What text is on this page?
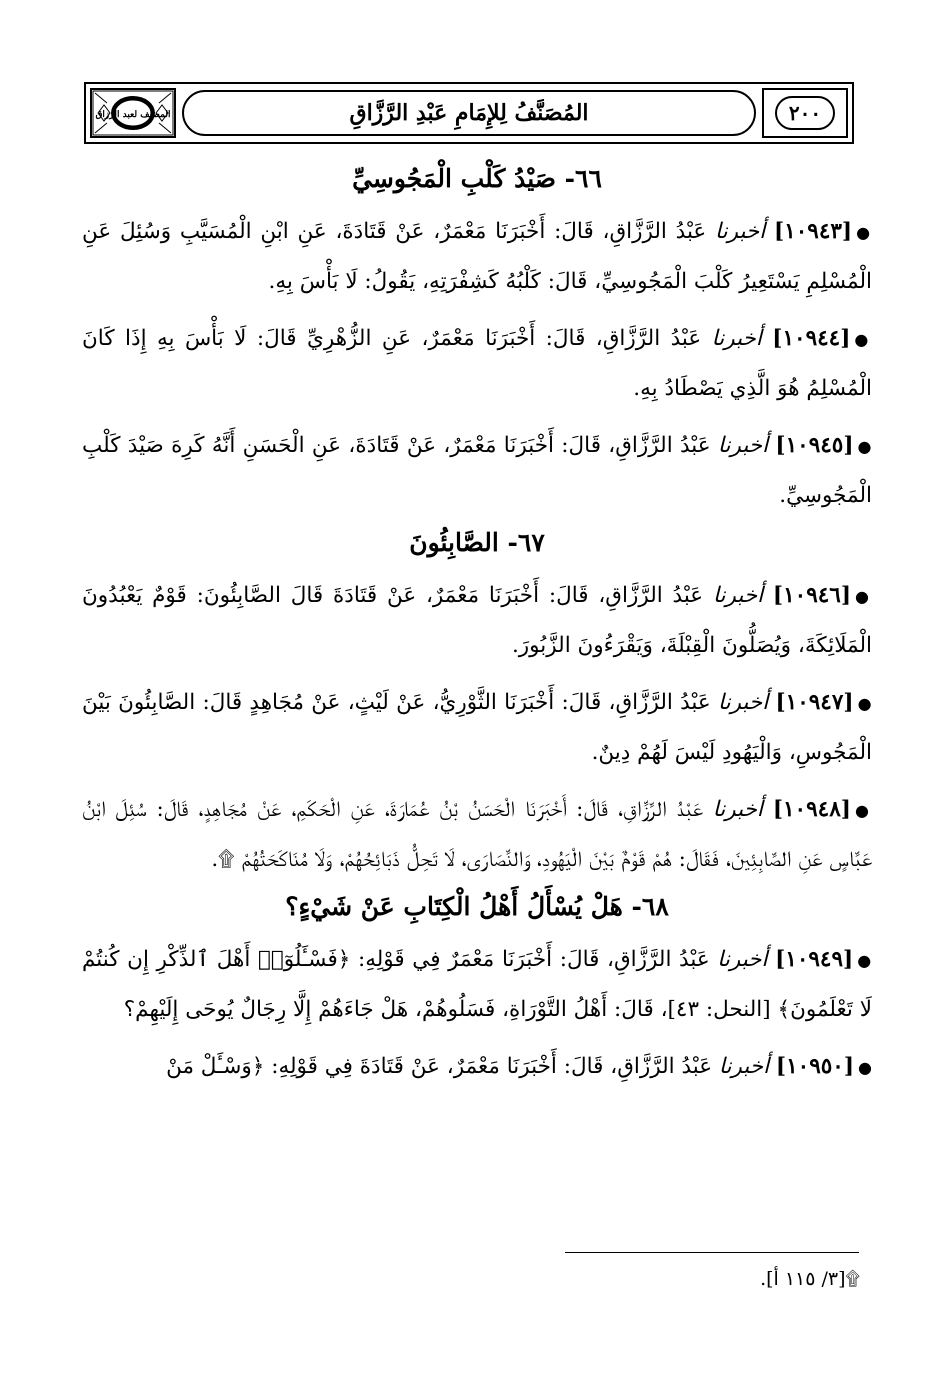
المصنف لعبد الرزاق	المُصَنَّفُ لِلإِمَامِ عَبْدِ الرَّزَّاقِ	٢٠٠
٦٦- صَيْدُ كَلْبِ الْمَجُوسِيِّ

●[١٠٩٤٣] أخبرنا عَبْدُ الرَّزَّاقِ، قَالَ: أَخْبَرَنَا مَعْمَرٌ، عَنْ قَتَادَةَ، عَنِ ابْنِ الْمُسَيَّبِ وَسُئِلَ عَنِ الْمُسْلِمِ يَسْتَعِيرُ كَلْبَ الْمَجُوسِيِّ، قَالَ: كَلْبُهُ كَشِفْرَتِهِ، يَقُولُ: لَا بَأْسَ بِهِ.

●[١٠٩٤٤] أخبرنا عَبْدُ الرَّزَّاقِ، قَالَ: أَخْبَرَنَا مَعْمَرٌ، عَنِ الزُّهْرِيِّ قَالَ: لَا بَأْسَ بِهِ إِذَا كَانَ الْمُسْلِمُ هُوَ الَّذِي يَصْطَادُ بِهِ.

●[١٠٩٤٥] أخبرنا عَبْدُ الرَّزَّاقِ، قَالَ: أَخْبَرَنَا مَعْمَرٌ، عَنْ قَتَادَةَ، عَنِ الْحَسَنِ أَنَّهُ كَرِهَ صَيْدَ كَلْبِ الْمَجُوسِيِّ.

٦٧- الصَّابِئُونَ

●[١٠٩٤٦] أخبرنا عَبْدُ الرَّزَّاقِ، قَالَ: أَخْبَرَنَا مَعْمَرٌ، عَنْ قَتَادَةَ قَالَ الصَّابِئُونَ: قَوْمٌ يَعْبُدُونَ الْمَلَائِكَةَ، وَيُصَلُّونَ الْقِبْلَةَ، وَيَقْرَءُونَ الزَّبُورَ.

●[١٠٩٤٧] أخبرنا عَبْدُ الرَّزَّاقِ، قَالَ: أَخْبَرَنَا الثَّوْرِيُّ، عَنْ لَيْثٍ، عَنْ مُجَاهِدٍ قَالَ: الصَّابِئُونَ بَيْنَ الْمَجُوسِ، وَالْيَهُودِ لَيْسَ لَهُمْ دِينٌ.

●[١٠٩٤٨] أخبرنا عَبْدُ الرَّزَّاقِ، قَالَ: أَخْبَرَنَا الْحَسَنُ بْنُ عُمَارَةَ، عَنِ الْحَكَمِ، عَنْ مُجَاهِدٍ، قَالَ: سُئِلَ ابْنُ عَبَّاسٍ عَنِ الصَّابِئِينَ، فَقَالَ: هُمْ قَوْمٌ بَيْنَ الْيَهُودِ، وَالنَّصَارَى، لَا تَحِلُّ ذَبَائِحُهُمْ، وَلَا مُنَاكَحَتُهُمْ ۩.

٦٨- هَلْ يُسْأَلُ أَهْلُ الْكِتَابِ عَنْ شَيْءٍ؟

●[١٠٩٤٩] أخبرنا عَبْدُ الرَّزَّاقِ، قَالَ: أَخْبَرَنَا مَعْمَرٌ فِي قَوْلِهِ: ﴿فَسْـَٔلُوٓا۟ أَهْلَ ٱلذِّكْرِ إِن كُنتُمْ لَا تَعْلَمُونَ﴾ [النحل: ٤٣]، قَالَ: أَهْلُ التَّوْرَاةِ، فَسَلُوهُمْ، هَلْ جَاءَهُمْ إِلَّا رِجَالٌ يُوحَى إِلَيْهِمْ؟

●[١٠٩٥٠] أخبرنا عَبْدُ الرَّزَّاقِ، قَالَ: أَخْبَرَنَا مَعْمَرٌ، عَنْ قَتَادَةَ فِي قَوْلِهِ: ﴿وَسْـَٔلْ مَنْ

۩[٣/ ١١٥ أ].
